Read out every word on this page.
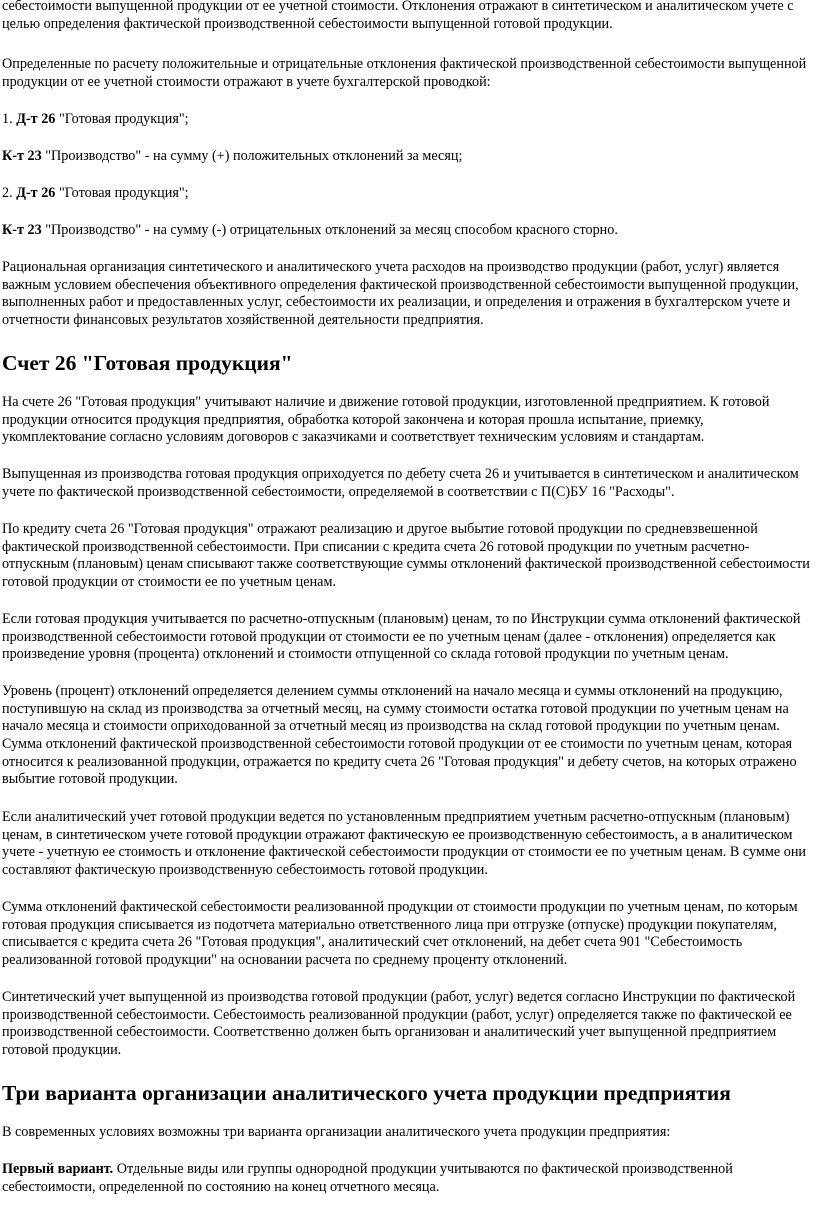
себестоимости выпущенной продукции от ее учетной стоимости. Отклонения отражают в синтетическом и аналитическом учете с
целью определения фактической производственной себестоимости выпущенной готовой продукции.

Определенные по расчету положительные и отрицательные отклонения фактической производственной себестоимости выпущенной
продукции от ее учетной стоимости отражают в учете бухгалтерской проводкой:

1. Д-т 26 "Готовая продукция";

К-т 23 "Производство" - на сумму (+) положительных отклонений за месяц;

2. Д-т 26 "Готовая продукция";

К-т 23 "Производство" - на сумму (-) отрицательных отклонений за месяц способом красного сторно.

Рациональная организация синтетического и аналитического учета расходов на производство продукции (работ, услуг) является
важным условием обеспечения объективного определения фактической производственной себестоимости выпущенной продукции,
выполненных работ и предоставленных услуг, себестоимости их реализации, и определения и отражения в бухгалтерском учете и
отчетности финансовых результатов хозяйственной деятельности предприятия.

Счет 26 "Готовая продукция"

На счете 26 "Готовая продукция" учитывают наличие и движение готовой продукции, изготовленной предприятием. К готовой
продукции относится продукция предприятия, обработка которой закончена и которая прошла испытание, приемку,
укомплектование согласно условиям договоров с заказчиками и соответствует техническим условиям и стандартам.

Выпущенная из производства готовая продукция оприходуется по дебету счета 26 и учитывается в синтетическом и аналитическом
учете по фактической производственной себестоимости, определяемой в соответствии с П(С)БУ 16 "Расходы".

По кредиту счета 26 "Готовая продукция" отражают реализацию и другое выбытие готовой продукции по средневзвешенной
фактической производственной себестоимости. При списании с кредита счета 26 готовой продукции по учетным расчетно-
отпускным (плановым) ценам списывают также соответствующие суммы отклонений фактической производственной себестоимости
готовой продукции от стоимости ее по учетным ценам.

Если готовая продукция учитывается по расчетно-отпускным (плановым) ценам, то по Инструкции сумма отклонений фактической
производственной себестоимости готовой продукции от стоимости ее по учетным ценам (далее - отклонения) определяется как
произведение уровня (процента) отклонений и стоимости отпущенной со склада готовой продукции по учетным ценам.

Уровень (процент) отклонений определяется делением суммы отклонений на начало месяца и суммы отклонений на продукцию,
поступившую на склад из производства за отчетный месяц, на сумму стоимости остатка готовой продукции по учетным ценам на
начало месяца и стоимости оприходованной за отчетный месяц из производства на склад готовой продукции по учетным ценам.
Сумма отклонений фактической производственной себестоимости готовой продукции от ее стоимости по учетным ценам, которая
относится к реализованной продукции, отражается по кредиту счета 26 "Готовая продукция" и дебету счетов, на которых отражено
выбытие готовой продукции.

Если аналитический учет готовой продукции ведется по установленным предприятием учетным расчетно-отпускным (плановым)
ценам, в синтетическом учете готовой продукции отражают фактическую ее производственную себестоимость, а в аналитическом
учете - учетную ее стоимость и отклонение фактической себестоимости продукции от стоимости ее по учетным ценам. В сумме они
составляют фактическую производственную себестоимость готовой продукции.

Сумма отклонений фактической себестоимости реализованной продукции от стоимости продукции по учетным ценам, по которым
готовая продукция списывается из подотчета материально ответственного лица при отгрузке (отпуске) продукции покупателям,
списывается с кредита счета 26 "Готовая продукция", аналитический счет отклонений, на дебет счета 901 "Себестоимость
реализованной готовой продукции" на основании расчета по среднему проценту отклонений.

Синтетический учет выпущенной из производства готовой продукции (работ, услуг) ведется согласно Инструкции по фактической
производственной себестоимости. Себестоимость реализованной продукции (работ, услуг) определяется также по фактической ее
производственной себестоимости. Соответственно должен быть организован и аналитический учет выпущенной предприятием
готовой продукции.

Три варианта организации аналитического учета продукции предприятия

В современных условиях возможны три варианта организации аналитического учета продукции предприятия:

Первый вариант. Отдельные виды или группы однородной продукции учитываются по фактической производственной
себестоимости, определенной по состоянию на конец отчетного месяца.
